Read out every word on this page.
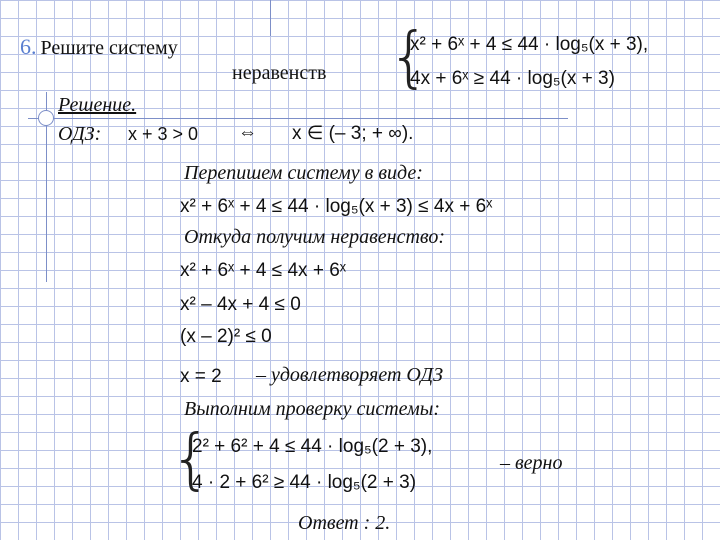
6. Решите систему
неравенств {
x² + 6ˣ + 4 ≤ 44 · log₅(x + 3),
4x + 6ˣ ≥ 44 · log₅(x + 3)
Решение.
ОДЗ: x + 3 > 0 ⇔ x ∈ (– 3; + ∞).
Перепишем систему в виде:
x² + 6ˣ + 4 ≤ 44 · log₅(x + 3) ≤ 4x + 6ˣ
Откуда получим неравенство:
x² + 6ˣ + 4 ≤ 4x + 6ˣ
x² – 4x + 4 ≤ 0
(x – 2)² ≤ 0
x = 2 – удовлетворяет ОДЗ
Выполним проверку системы:
{
2² + 6² + 4 ≤ 44 · log₅(2 + 3),
4 · 2 + 6² ≥ 44 · log₅(2 + 3)
– верно
Ответ : 2.
